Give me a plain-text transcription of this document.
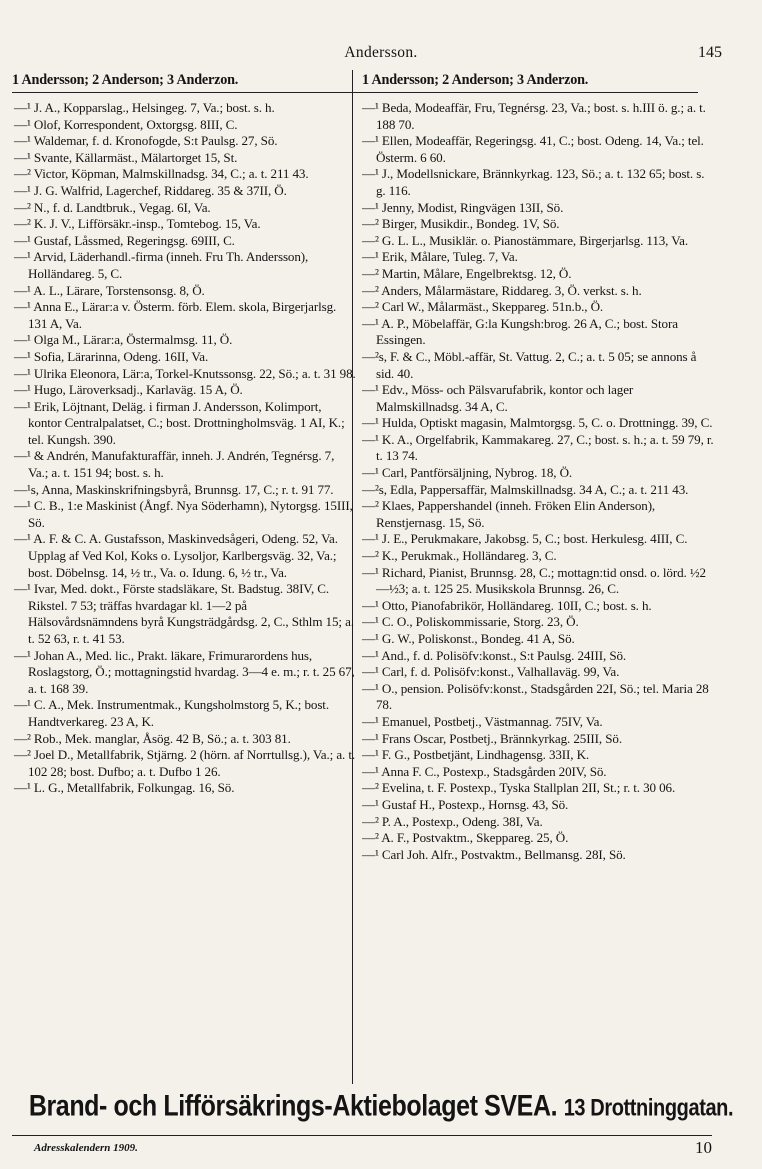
Andersson.	145
1 Andersson; 2 Anderson; 3 Anderzon.
—¹ J. A., Kopparslag., Helsingeg. 7, Va.; bost. s. h.
—¹ Olof, Korrespondent, Oxtorgsg. 8III, C.
—¹ Waldemar, f. d. Kronofogde, S:t Paulsg. 27, Sö.
—¹ Svante, Källarmäst., Mälartorget 15, St.
—² Victor, Köpman, Malmskillnadsg. 34, C.; a. t. 211 43.
—¹ J. G. Walfrid, Lagerchef, Riddareg. 35 & 37II, Ö.
—² N., f. d. Landtbruk., Vegag. 6I, Va.
—² K. J. V., Lifförsäkr.-insp., Tomtebog. 15, Va.
—¹ Gustaf, Låssmed, Regeringsg. 69III, C.
—¹ Arvid, Läderhandl.-firma (inneh. Fru Th. Andersson), Holländareg. 5, C.
—¹ A. L., Lärare, Torstensonsg. 8, Ö.
—¹ Anna E., Lärar:a v. Österm. förb. Elem. skola, Birgerjarlsg. 131 A, Va.
—¹ Olga M., Lärar:a, Östermalmsg. 11, Ö.
—¹ Sofia, Lärarinna, Odeng. 16II, Va.
—¹ Ulrika Eleonora, Lär:a, Torkel-Knutssonsg. 22, Sö.; a. t. 31 98.
—¹ Hugo, Läroverksadj., Karlaväg. 15 A, Ö.
—¹ Erik, Löjtnant, Deläg. i firman J. Andersson, Kolimport, kontor Centralpalatset, C.; bost. Drottningholmsväg. 1 AI, K.; tel. Kungsh. 390.
—¹ & Andrén, Manufakturaffär, inneh. J. Andrén, Tegnérsg. 7, Va.; a. t. 151 94; bost. s. h.
—¹s, Anna, Maskinskrifningsbyrå, Brunnsg. 17, C.; r. t. 91 77.
—¹ C. B., 1:e Maskinist (Ångf. Nya Söderhamn), Nytorgsg. 15III, Sö.
—¹ A. F. & C. A. Gustafsson, Maskinvedsågeri, Odeng. 52, Va. Upplag af Ved Kol, Koks o. Lysoljor, Karlbergsväg. 32, Va.; bost. Döbelnsg. 14, ½ tr., Va. o. Idung. 6, ½ tr., Va.
—¹ Ivar, Med. dokt., Förste stadsläkare, St. Badstug. 38IV, C. Rikstel. 7 53; träffas hvardagar kl. 1—2 på Hälsovårdsnämndens byrå Kungsträdgårdsg. 2, C., Sthlm 15; a. t. 52 63, r. t. 41 53.
—¹ Johan A., Med. lic., Prakt. läkare, Frimurarordens hus, Roslagstorg, Ö.; mottagningstid hvardag. 3—4 e. m.; r. t. 25 67, a. t. 168 39.
—¹ C. A., Mek. Instrumentmak., Kungsholmstorg 5, K.; bost. Handtverkareg. 23 A, K.
—² Rob., Mek. manglar, Åsög. 42 B, Sö.; a. t. 303 81.
—² Joel D., Metallfabrik, Stjärng. 2 (hörn. af Norrtullsg.), Va.; a. t. 102 28; bost. Dufbo; a. t. Dufbo 1 26.
—¹ L. G., Metallfabrik, Folkungag. 16, Sö.
1 Andersson; 2 Anderson; 3 Anderzon.
—¹ Beda, Modeaffär, Fru, Tegnérsg. 23, Va.; bost. s. h.III ö. g.; a. t. 188 70.
—¹ Ellen, Modeaffär, Regeringsg. 41, C.; bost. Odeng. 14, Va.; tel. Österm. 6 60.
—¹ J., Modellsnickare, Brännkyrkag. 123, Sö.; a. t. 132 65; bost. s. g. 116.
—¹ Jenny, Modist, Ringvägen 13II, Sö.
—² Birger, Musikdir., Bondeg. 1V, Sö.
—² G. L. L., Musiklär. o. Pianostämmare, Birgerjarlsg. 113, Va.
—¹ Erik, Målare, Tuleg. 7, Va.
—² Martin, Målare, Engelbrektsg. 12, Ö.
—² Anders, Målarmästare, Riddareg. 3, Ö. verkst. s. h.
—² Carl W., Målarmäst., Skeppareg. 51n.b., Ö.
—¹ A. P., Möbelaffär, G:la Kungsh:brog. 26 A, C.; bost. Stora Essingen.
—²s, F. & C., Möbl.-affär, St. Vattug. 2, C.; a. t. 5 05; se annons å sid. 40.
—¹ Edv., Möss- och Pälsvarufabrik, kontor och lager Malmskillnadsg. 34 A, C.
—¹ Hulda, Optiskt magasin, Malmtorgsg. 5, C. o. Drottningg. 39, C.
—¹ K. A., Orgelfabrik, Kammakareg. 27, C.; bost. s. h.; a. t. 59 79, r. t. 13 74.
—¹ Carl, Pantförsäljning, Nybrog. 18, Ö.
—²s, Edla, Pappersaffär, Malmskillnadsg. 34 A, C.; a. t. 211 43.
—² Klaes, Pappershandel (inneh. Fröken Elin Anderson), Renstjernasg. 15, Sö.
—¹ J. E., Perukmakare, Jakobsg. 5, C.; bost. Herkulesg. 4III, C.
—² K., Perukmak., Holländareg. 3, C.
—¹ Richard, Pianist, Brunnsg. 28, C.; mottagn:tid onsd. o. lörd. ½2—½3; a. t. 125 25. Musikskola Brunnsg. 26, C.
—¹ Otto, Pianofabrikör, Holländareg. 10II, C.; bost. s. h.
—¹ C. O., Poliskommissarie, Storg. 23, Ö.
—¹ G. W., Poliskonst., Bondeg. 41 A, Sö.
—¹ And., f. d. Polisöfv:konst., S:t Paulsg. 24III, Sö.
—¹ Carl, f. d. Polisöfv:konst., Valhallaväg. 99, Va.
—¹ O., pension. Polisöfv:konst., Stadsgården 22I, Sö.; tel. Maria 28 78.
—¹ Emanuel, Postbetj., Västmannag. 75IV, Va.
—¹ Frans Oscar, Postbetj., Brännkyrkag. 25III, Sö.
—¹ F. G., Postbetjänt, Lindhagensg. 33II, K.
—¹ Anna F. C., Postexp., Stadsgården 20IV, Sö.
—² Evelina, t. F. Postexp., Tyska Stallplan 2II, St.; r. t. 30 06.
—¹ Gustaf H., Postexp., Hornsg. 43, Sö.
—² P. A., Postexp., Odeng. 38I, Va.
—² A. F., Postvaktm., Skeppareg. 25, Ö.
—¹ Carl Joh. Alfr., Postvaktm., Bellmansg. 28I, Sö.
Brand- och Lifförsäkrings-Aktiebolaget SVEA. 13 Drottninggatan.
Adresskalendern 1909.	10
